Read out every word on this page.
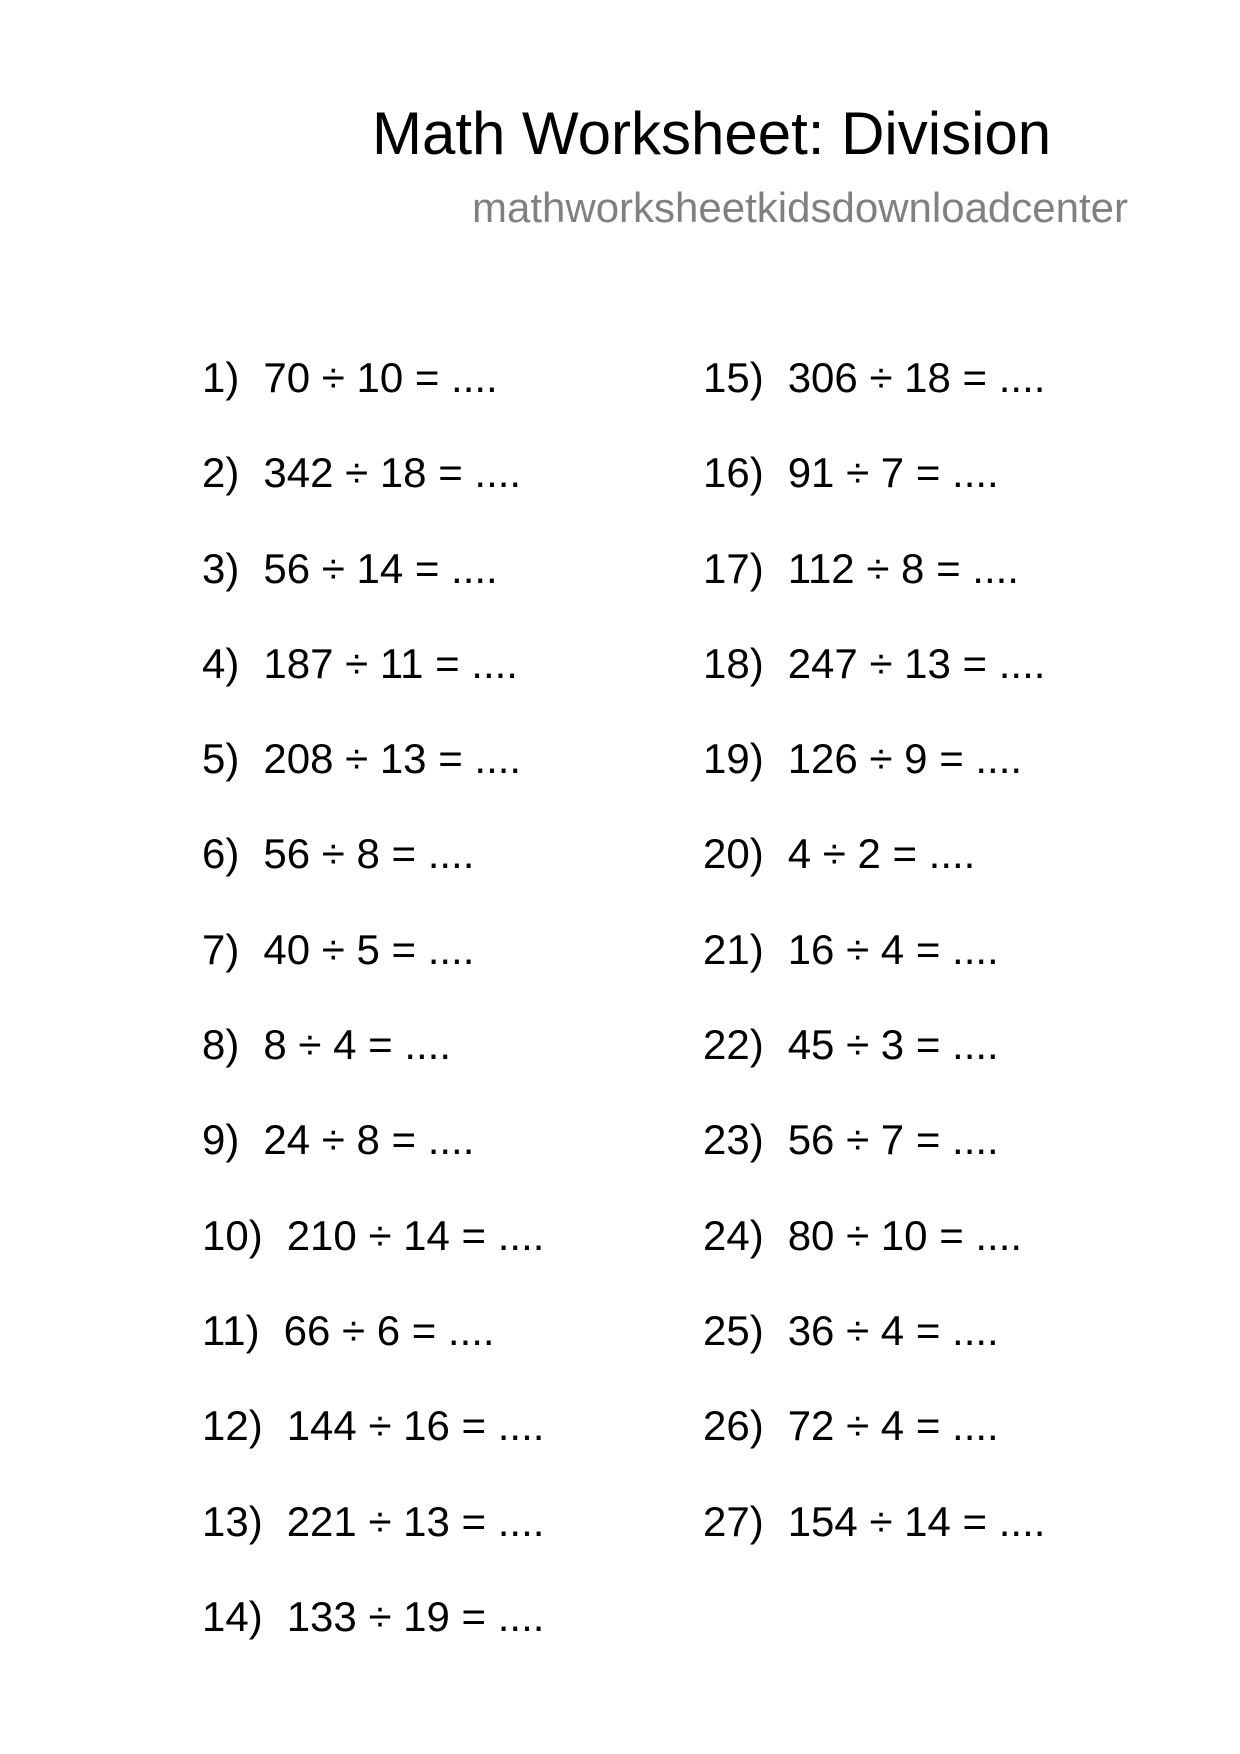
Math Worksheet: Division
mathworksheetkidsdownloadcenter
1) 70 ÷ 10 = ....
2) 342 ÷ 18 = ....
3) 56 ÷ 14 = ....
4) 187 ÷ 11 = ....
5) 208 ÷ 13 = ....
6) 56 ÷ 8 = ....
7) 40 ÷ 5 = ....
8) 8 ÷ 4 = ....
9) 24 ÷ 8 = ....
10) 210 ÷ 14 = ....
11) 66 ÷ 6 = ....
12) 144 ÷ 16 = ....
13) 221 ÷ 13 = ....
14) 133 ÷ 19 = ....
15) 306 ÷ 18 = ....
16) 91 ÷ 7 = ....
17) 112 ÷ 8 = ....
18) 247 ÷ 13 = ....
19) 126 ÷ 9 = ....
20) 4 ÷ 2 = ....
21) 16 ÷ 4 = ....
22) 45 ÷ 3 = ....
23) 56 ÷ 7 = ....
24) 80 ÷ 10 = ....
25) 36 ÷ 4 = ....
26) 72 ÷ 4 = ....
27) 154 ÷ 14 = ....
